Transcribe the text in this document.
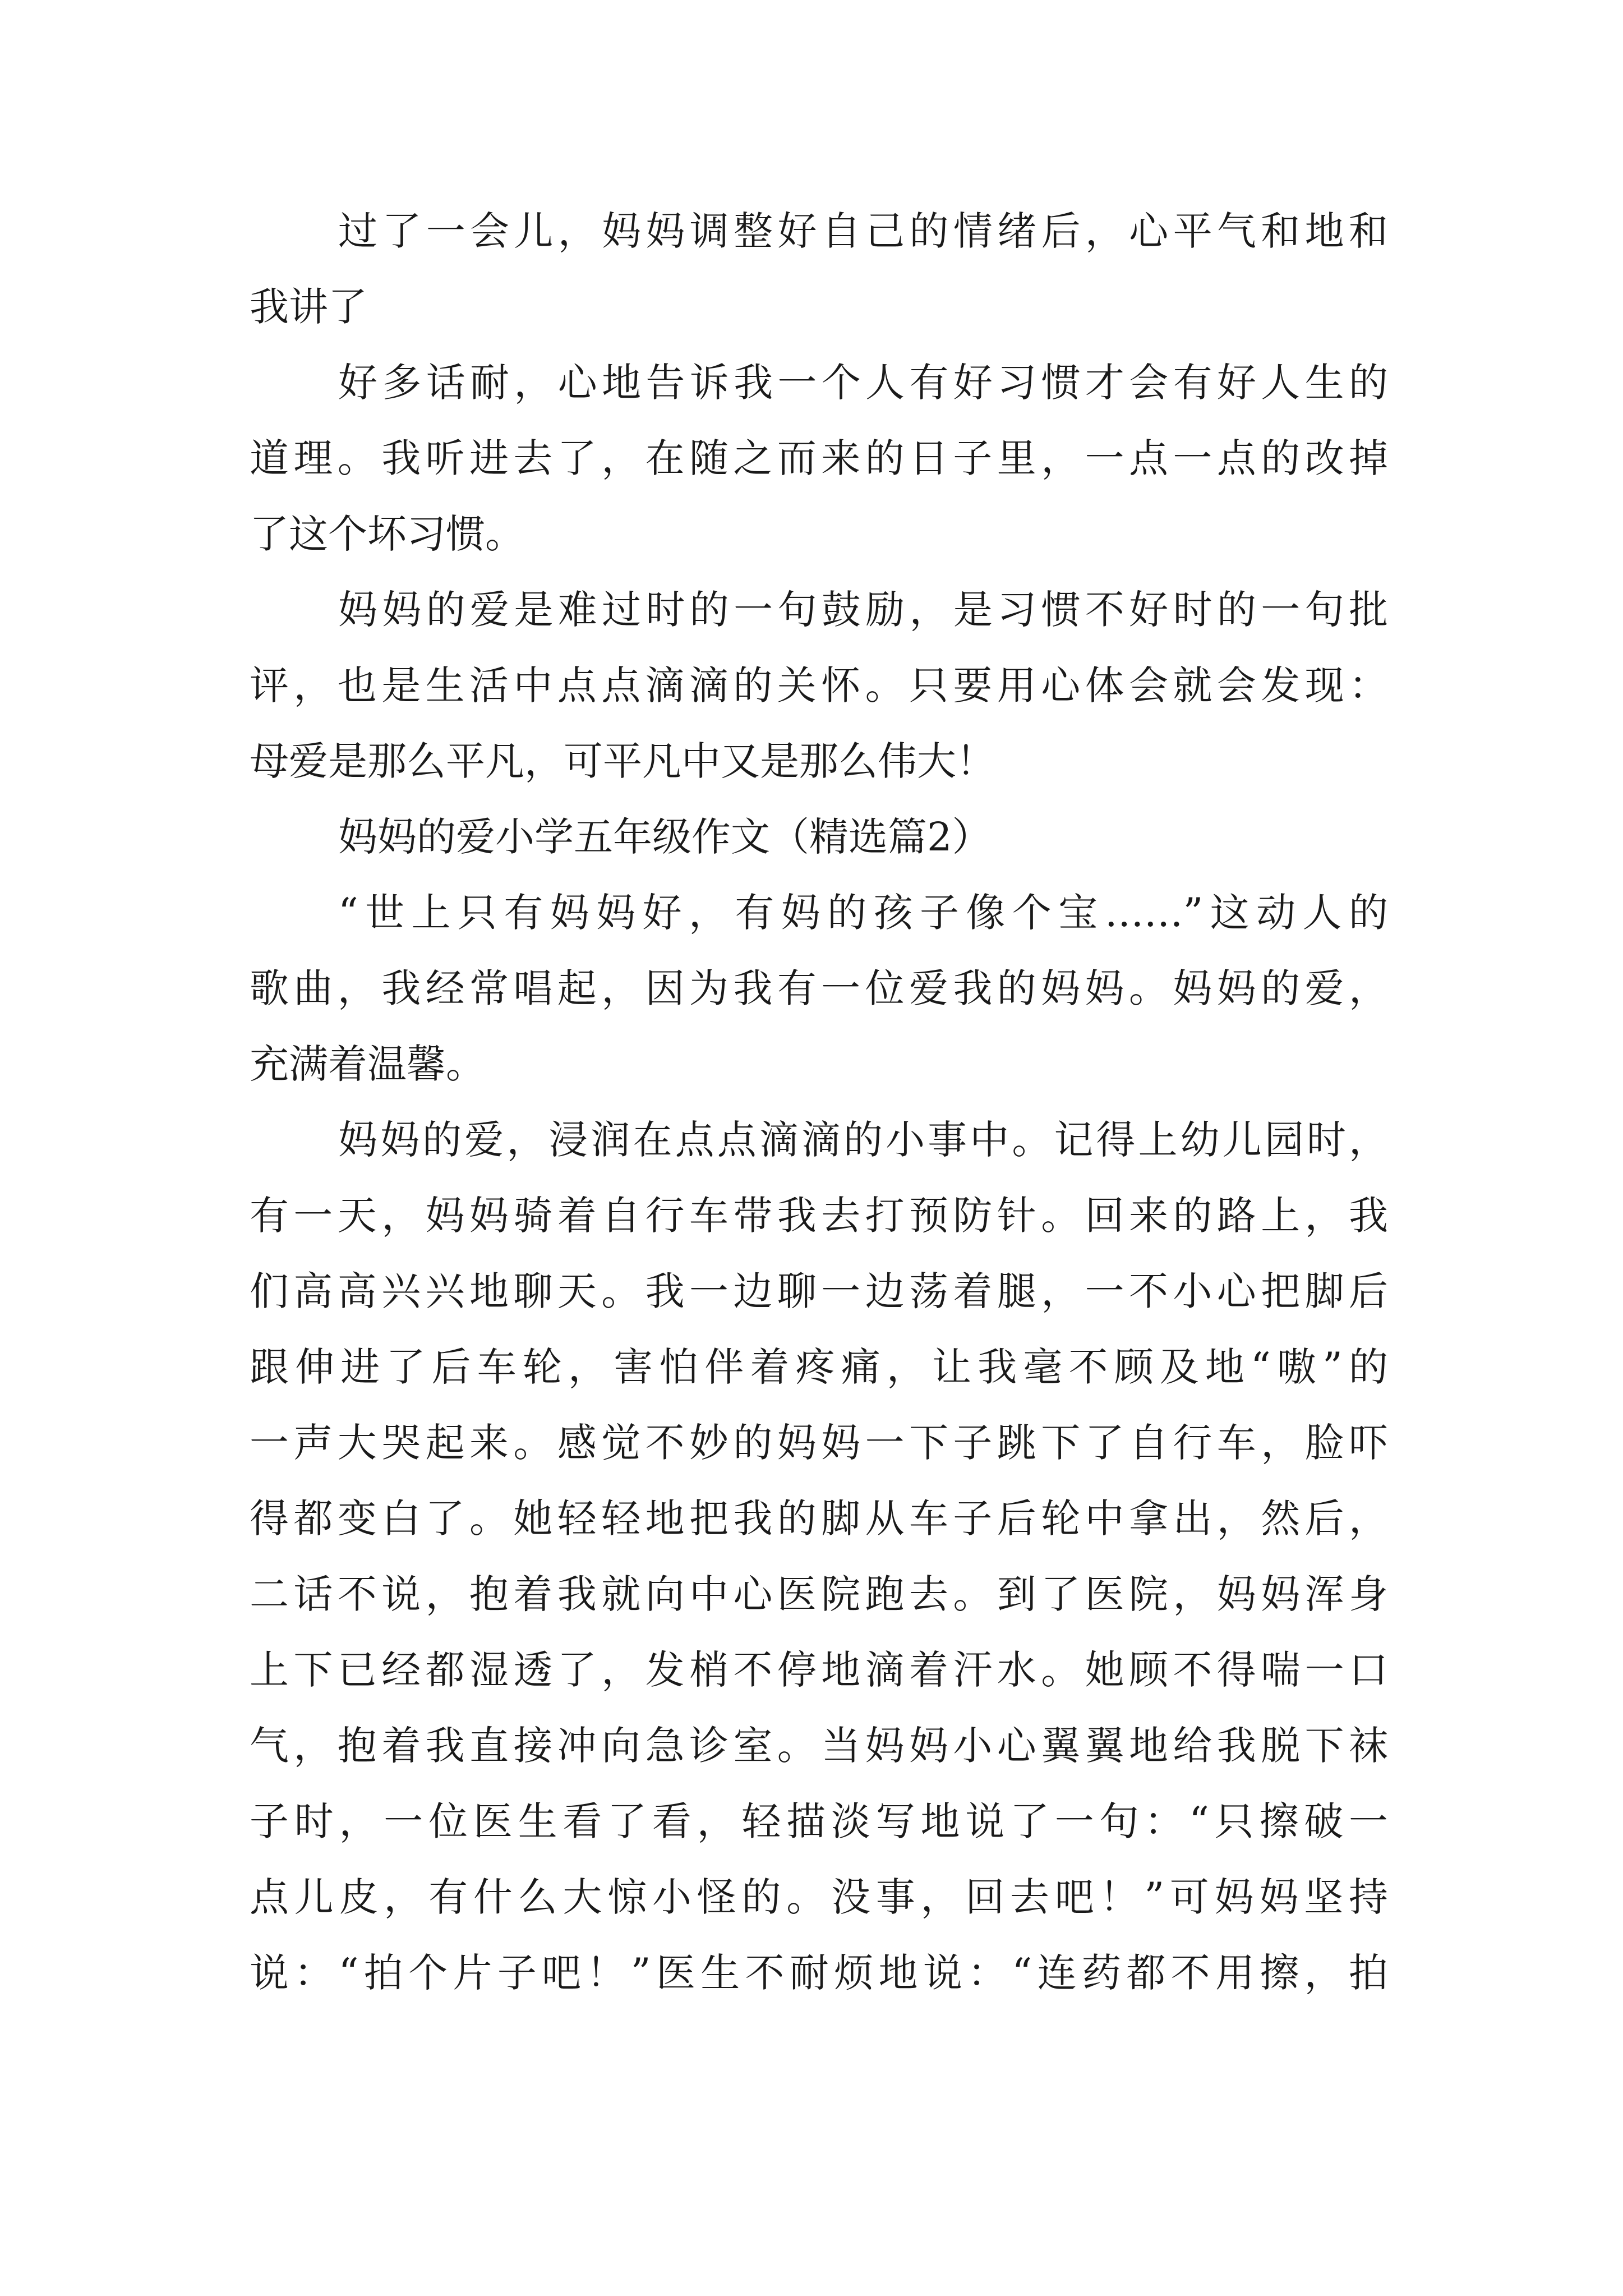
过了一会儿，妈妈调整好自己的情绪后，心平气和地和
我讲了
好多话耐，心地告诉我一个人有好习惯才会有好人生的
道理。我听进去了，在随之而来的日子里，一点一点的改掉
了这个坏习惯。
妈妈的爱是难过时的一句鼓励，是习惯不好时的一句批
评，也是生活中点点滴滴的关怀。只要用心体会就会发现：
母爱是那么平凡，可平凡中又是那么伟大！
妈妈的爱小学五年级作文（精选篇2）
“世上只有妈妈好，有妈的孩子像个宝……”这动人的
歌曲，我经常唱起，因为我有一位爱我的妈妈。妈妈的爱，
充满着温馨。
妈妈的爱，浸润在点点滴滴的小事中。记得上幼儿园时，
有一天，妈妈骑着自行车带我去打预防针。回来的路上，我
们高高兴兴地聊天。我一边聊一边荡着腿，一不小心把脚后
跟伸进了后车轮，害怕伴着疼痛，让我毫不顾及地“嗷”的
一声大哭起来。感觉不妙的妈妈一下子跳下了自行车，脸吓
得都变白了。她轻轻地把我的脚从车子后轮中拿出，然后，
二话不说，抱着我就向中心医院跑去。到了医院，妈妈浑身
上下已经都湿透了，发梢不停地滴着汗水。她顾不得喘一口
气，抱着我直接冲向急诊室。当妈妈小心翼翼地给我脱下袜
子时，一位医生看了看，轻描淡写地说了一句：“只擦破一
点儿皮，有什么大惊小怪的。没事，回去吧！”可妈妈坚持
说：“拍个片子吧！”医生不耐烦地说：“连药都不用擦，拍
